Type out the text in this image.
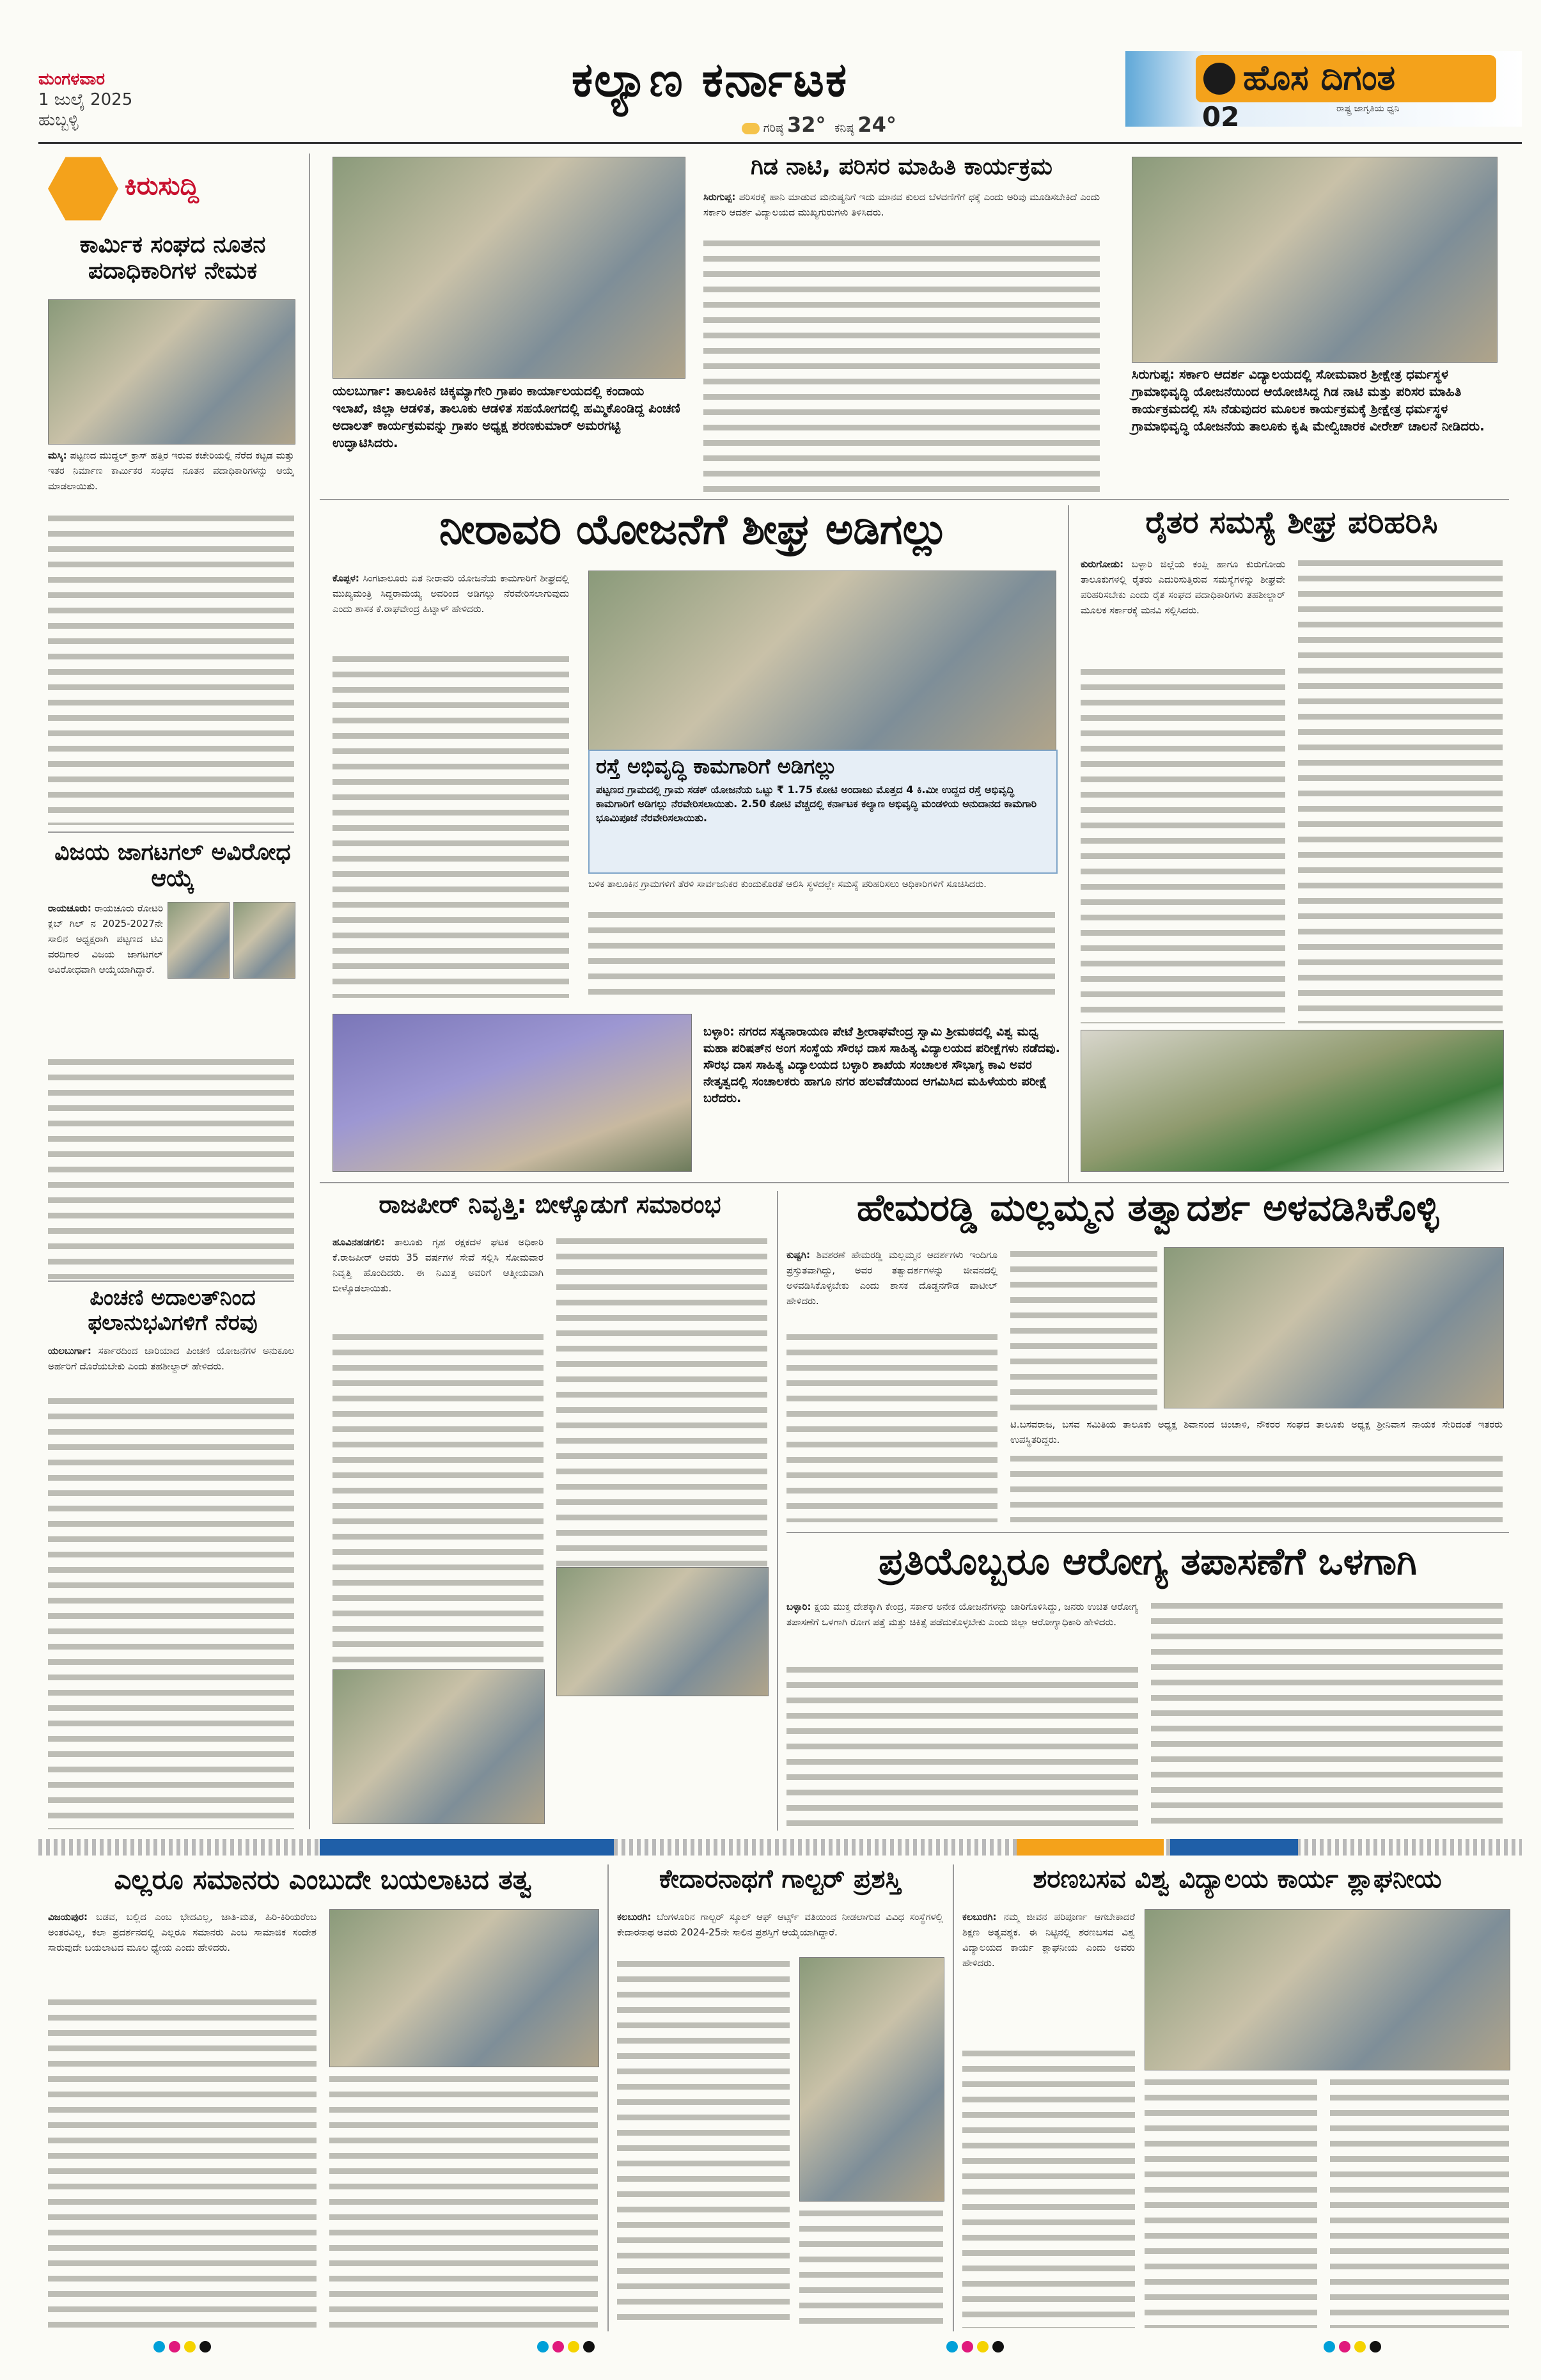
ಮಂಗಳವಾರ
1 ಜುಲೈ 2025
ಹುಬ್ಬಳ್ಳಿ
ಕಲ್ಯಾಣ ಕರ್ನಾಟಕ
ಗರಿಷ್ಠ 32° ಕನಿಷ್ಠ 24°
ಹೊಸ ದಿಗಂತ
ರಾಷ್ಟ್ರ ಜಾಗೃತಿಯ ಧ್ವನಿ
02
ಕಿರುಸುದ್ದಿ
ಕಾರ್ಮಿಕ ಸಂಘದ ನೂತನ ಪದಾಧಿಕಾರಿಗಳ ನೇಮಕ
ಮಸ್ಕಿ: ಪಟ್ಟಣದ ಮುದ್ದಲ್ ಕ್ರಾಸ್ ಹತ್ತಿರ ಇರುವ ಕಚೇರಿಯಲ್ಲಿ ನೆರೆದ ಕಟ್ಟಡ ಮತ್ತು ಇತರ ನಿರ್ಮಾಣ ಕಾರ್ಮಿಕರ ಸಂಘದ ನೂತನ ಪದಾಧಿಕಾರಿಗಳನ್ನು ಆಯ್ಕೆ ಮಾಡಲಾಯಿತು.
ವಿಜಯ ಜಾಗಟಗಲ್ ಅವಿರೋಧ ಆಯ್ಕೆ
ರಾಯಚೂರು: ರಾಯಚೂರು ರೋಟರಿ ಕ್ಲಬ್ ಗಿಲ್ ನ 2025-2027ನೇ ಸಾಲಿನ ಅಧ್ಯಕ್ಷರಾಗಿ ಪಟ್ಟಣದ ಟಿವಿ ವರದಿಗಾರ ವಿಜಯ ಜಾಗಟಗಲ್ ಅವಿರೋಧವಾಗಿ ಆಯ್ಕೆಯಾಗಿದ್ದಾರೆ.
ಪಿಂಚಣಿ ಅದಾಲತ್‌ನಿಂದ ಫಲಾನುಭವಿಗಳಿಗೆ ನೆರವು
ಯಲಬುರ್ಗಾ: ಸರ್ಕಾರದಿಂದ ಜಾರಿಯಾದ ಪಿಂಚಣಿ ಯೋಜನೆಗಳ ಅನುಕೂಲ ಅರ್ಹರಿಗೆ ದೊರೆಯಬೇಕು ಎಂದು ತಹಶೀಲ್ದಾರ್ ಹೇಳಿದರು.
ಯಲಬುರ್ಗಾ: ತಾಲೂಕಿನ ಚಿಕ್ಕಮ್ಯಾಗೇರಿ ಗ್ರಾಪಂ ಕಾರ್ಯಾಲಯದಲ್ಲಿ ಕಂದಾಯ ಇಲಾಖೆ, ಜಿಲ್ಲಾ ಆಡಳಿತ, ತಾಲೂಕು ಆಡಳಿತ ಸಹಯೋಗದಲ್ಲಿ ಹಮ್ಮಿಕೊಂಡಿದ್ದ ಪಿಂಚಣಿ ಅದಾಲತ್ ಕಾರ್ಯಕ್ರಮವನ್ನು ಗ್ರಾಪಂ ಅಧ್ಯಕ್ಷ ಶರಣಕುಮಾರ್ ಅಮರಗಟ್ಟಿ ಉದ್ಘಾಟಿಸಿದರು.
ಗಿಡ ನಾಟಿ, ಪರಿಸರ ಮಾಹಿತಿ ಕಾರ್ಯಕ್ರಮ
ಸಿರುಗುಪ್ಪ: ಪರಿಸರಕ್ಕೆ ಹಾನಿ ಮಾಡುವ ಮನುಷ್ಯನಿಗೆ ಇದು ಮಾನವ ಕುಲದ ಬೆಳವಣಿಗೆಗೆ ಧಕ್ಕೆ ಎಂದು ಅರಿವು ಮೂಡಿಸಬೇಕಿದೆ ಎಂದು ಸರ್ಕಾರಿ ಆದರ್ಶ ವಿದ್ಯಾಲಯದ ಮುಖ್ಯಗುರುಗಳು ತಿಳಿಸಿದರು.
ಸಿರುಗುಪ್ಪ: ಸರ್ಕಾರಿ ಆದರ್ಶ ವಿದ್ಯಾಲಯದಲ್ಲಿ ಸೋಮವಾರ ಶ್ರೀಕ್ಷೇತ್ರ ಧರ್ಮಸ್ಥಳ ಗ್ರಾಮಾಭಿವೃದ್ಧಿ ಯೋಜನೆಯಿಂದ ಆಯೋಜಿಸಿದ್ದ ಗಿಡ ನಾಟಿ ಮತ್ತು ಪರಿಸರ ಮಾಹಿತಿ ಕಾರ್ಯಕ್ರಮದಲ್ಲಿ ಸಸಿ ನೆಡುವುದರ ಮೂಲಕ ಕಾರ್ಯಕ್ರಮಕ್ಕೆ ಶ್ರೀಕ್ಷೇತ್ರ ಧರ್ಮಸ್ಥಳ ಗ್ರಾಮಾಭಿವೃದ್ಧಿ ಯೋಜನೆಯ ತಾಲೂಕು ಕೃಷಿ ಮೇಲ್ವಿಚಾರಕ ವೀರೇಶ್ ಚಾಲನೆ ನೀಡಿದರು.
ನೀರಾವರಿ ಯೋಜನೆಗೆ ಶೀಘ್ರ ಅಡಿಗಲ್ಲು
ಕೊಪ್ಪಳ: ಸಿಂಗಟಾಲೂರು ಏತ ನೀರಾವರಿ ಯೋಜನೆಯ ಕಾಮಗಾರಿಗೆ ಶೀಘ್ರದಲ್ಲಿ ಮುಖ್ಯಮಂತ್ರಿ ಸಿದ್ದರಾಮಯ್ಯ ಅವರಿಂದ ಅಡಿಗಲ್ಲು ನೆರವೇರಿಸಲಾಗುವುದು ಎಂದು ಶಾಸಕ ಕೆ.ರಾಘವೇಂದ್ರ ಹಿಟ್ನಾಳ್ ಹೇಳಿದರು.
ರಸ್ತೆ ಅಭಿವೃದ್ಧಿ ಕಾಮಗಾರಿಗೆ ಅಡಿಗಲ್ಲು
ಪಟ್ಟಣದ ಗ್ರಾಮದಲ್ಲಿ ಗ್ರಾಮ ಸಡಕ್ ಯೋಜನೆಯ ಒಟ್ಟು ₹ 1.75 ಕೋಟಿ ಅಂದಾಜು ಮೊತ್ತದ 4 ಕಿ.ಮೀ ಉದ್ದದ ರಸ್ತೆ ಅಭಿವೃದ್ಧಿ ಕಾಮಗಾರಿಗೆ ಅಡಿಗಲ್ಲು ನೆರವೇರಿಸಲಾಯಿತು. 2.50 ಕೋಟಿ ವೆಚ್ಚದಲ್ಲಿ ಕರ್ನಾಟಕ ಕಲ್ಯಾಣ ಅಭಿವೃದ್ಧಿ ಮಂಡಳಿಯ ಅನುದಾನದ ಕಾಮಗಾರಿ ಭೂಮಿಪೂಜೆ ನೆರವೇರಿಸಲಾಯಿತು.
ಬಳಿಕ ತಾಲೂಕಿನ ಗ್ರಾಮಗಳಿಗೆ ತೆರಳಿ ಸಾರ್ವಜನಿಕರ ಕುಂದುಕೊರತೆ ಆಲಿಸಿ ಸ್ಥಳದಲ್ಲೇ ಸಮಸ್ಯೆ ಪರಿಹರಿಸಲು ಅಧಿಕಾರಿಗಳಿಗೆ ಸೂಚಿಸಿದರು.
ರೈತರ ಸಮಸ್ಯೆ ಶೀಘ್ರ ಪರಿಹರಿಸಿ
ಕುರುಗೋಡು: ಬಳ್ಳಾರಿ ಜಿಲ್ಲೆಯ ಕಂಪ್ಲಿ ಹಾಗೂ ಕುರುಗೋಡು ತಾಲೂಕುಗಳಲ್ಲಿ ರೈತರು ಎದುರಿಸುತ್ತಿರುವ ಸಮಸ್ಯೆಗಳನ್ನು ಶೀಘ್ರವೇ ಪರಿಹರಿಸಬೇಕು ಎಂದು ರೈತ ಸಂಘದ ಪದಾಧಿಕಾರಿಗಳು ತಹಶೀಲ್ದಾರ್ ಮೂಲಕ ಸರ್ಕಾರಕ್ಕೆ ಮನವಿ ಸಲ್ಲಿಸಿದರು.
ಬಳ್ಳಾರಿ: ನಗರದ ಸತ್ಯನಾರಾಯಣ ಪೇಟೆ ಶ್ರೀರಾಘವೇಂದ್ರ ಸ್ವಾಮಿ ಶ್ರೀಮಠದಲ್ಲಿ ವಿಶ್ವ ಮಧ್ವ ಮಹಾ ಪರಿಷತ್‌ನ ಅಂಗ ಸಂಸ್ಥೆಯ ಸೌರಭ ದಾಸ ಸಾಹಿತ್ಯ ವಿದ್ಯಾಲಯದ ಪರೀಕ್ಷೆಗಳು ನಡೆದವು. ಸೌರಭ ದಾಸ ಸಾಹಿತ್ಯ ವಿದ್ಯಾಲಯದ ಬಳ್ಳಾರಿ ಶಾಖೆಯ ಸಂಚಾಲಕ ಸೌಭಾಗ್ಯ ಕಾವಿ ಅವರ ನೇತೃತ್ವದಲ್ಲಿ ಸಂಚಾಲಕರು ಹಾಗೂ ನಗರ ಹಲವೆಡೆಯಿಂದ ಆಗಮಿಸಿದ ಮಹಿಳೆಯರು ಪರೀಕ್ಷೆ ಬರೆದರು.
ರಾಜಪೀರ್ ನಿವೃತ್ತಿ: ಬೀಳ್ಕೊಡುಗೆ ಸಮಾರಂಭ
ಹೂವಿನಹಡಗಲಿ: ತಾಲೂಕು ಗೃಹ ರಕ್ಷಕದಳ ಘಟಕ ಅಧಿಕಾರಿ ಕೆ.ರಾಜಪೀರ್ ಅವರು 35 ವರ್ಷಗಳ ಸೇವೆ ಸಲ್ಲಿಸಿ ಸೋಮವಾರ ನಿವೃತ್ತಿ ಹೊಂದಿದರು. ಈ ನಿಮಿತ್ತ ಅವರಿಗೆ ಆತ್ಮೀಯವಾಗಿ ಬೀಳ್ಕೊಡಲಾಯಿತು.
ಹೇಮರಡ್ಡಿ ಮಲ್ಲಮ್ಮನ ತತ್ವಾದರ್ಶ ಅಳವಡಿಸಿಕೊಳ್ಳಿ
ಕುಷ್ಟಗಿ: ಶಿವಶರಣೆ ಹೇಮರಡ್ಡಿ ಮಲ್ಲಮ್ಮನ ಆದರ್ಶಗಳು ಇಂದಿಗೂ ಪ್ರಸ್ತುತವಾಗಿದ್ದು, ಅವರ ತತ್ವಾದರ್ಶಗಳನ್ನು ಜೀವನದಲ್ಲಿ ಅಳವಡಿಸಿಕೊಳ್ಳಬೇಕು ಎಂದು ಶಾಸಕ ದೊಡ್ಡನಗೌಡ ಪಾಟೀಲ್ ಹೇಳಿದರು.
ಟಿ.ಬಸವರಾಜ, ಬಸವ ಸಮಿತಿಯ ತಾಲೂಕು ಅಧ್ಯಕ್ಷ ಶಿವಾನಂದ ಚಿಂಚಾಳಿ, ನೌಕರರ ಸಂಘದ ತಾಲೂಕು ಅಧ್ಯಕ್ಷ ಶ್ರೀನಿವಾಸ ನಾಯಕ ಸೇರಿದಂತೆ ಇತರರು ಉಪಸ್ಥಿತರಿದ್ದರು.
ಪ್ರತಿಯೊಬ್ಬರೂ ಆರೋಗ್ಯ ತಪಾಸಣೆಗೆ ಒಳಗಾಗಿ
ಬಳ್ಳಾರಿ: ಕ್ಷಯ ಮುಕ್ತ ದೇಶಕ್ಕಾಗಿ ಕೇಂದ್ರ, ಸರ್ಕಾರ ಅನೇಕ ಯೋಜನೆಗಳನ್ನು ಜಾರಿಗೊಳಿಸಿದ್ದು, ಜನರು ಉಚಿತ ಆರೋಗ್ಯ ತಪಾಸಣೆಗೆ ಒಳಗಾಗಿ ರೋಗ ಪತ್ತೆ ಮತ್ತು ಚಿಕಿತ್ಸೆ ಪಡೆದುಕೊಳ್ಳಬೇಕು ಎಂದು ಜಿಲ್ಲಾ ಆರೋಗ್ಯಾಧಿಕಾರಿ ಹೇಳಿದರು.
ಎಲ್ಲರೂ ಸಮಾನರು ಎಂಬುದೇ ಬಯಲಾಟದ ತತ್ವ
ವಿಜಯಪುರ: ಬಡವ, ಬಲ್ಲಿದ ಎಂಬ ಭೇದವಿಲ್ಲ, ಜಾತಿ-ಮತ, ಹಿರಿ-ಕಿರಿಯರೆಂಬ ಅಂತರವಿಲ್ಲ, ಕಲಾ ಪ್ರದರ್ಶನದಲ್ಲಿ ಎಲ್ಲರೂ ಸಮಾನರು ಎಂಬ ಸಾಮಾಜಿಕ ಸಂದೇಶ ಸಾರುವುದೇ ಬಯಲಾಟದ ಮೂಲ ಧ್ಯೇಯ ಎಂದು ಹೇಳಿದರು.
ಕೇದಾರನಾಥಗೆ ಗಾಲ್ಟರ್ ಪ್ರಶಸ್ತಿ
ಕಲಬುರಗಿ: ಬೆಂಗಳೂರಿನ ಗಾಲ್ಟರ್ ಸ್ಕೂಲ್ ಆಫ್ ಆರ್ಟ್ಸ್ ವತಿಯಿಂದ ನೀಡಲಾಗುವ ವಿವಿಧ ಸಂಸ್ಥೆಗಳಲ್ಲಿ ಕೇದಾರನಾಥ ಅವರು 2024-25ನೇ ಸಾಲಿನ ಪ್ರಶಸ್ತಿಗೆ ಆಯ್ಕೆಯಾಗಿದ್ದಾರೆ.
ಶರಣಬಸವ ವಿಶ್ವ ವಿದ್ಯಾಲಯ ಕಾರ್ಯ ಶ್ಲಾಘನೀಯ
ಕಲಬುರಗಿ: ನಮ್ಮ ಜೀವನ ಪರಿಪೂರ್ಣ ಆಗಬೇಕಾದರೆ ಶಿಕ್ಷಣ ಅತ್ಯವಶ್ಯಕ. ಈ ನಿಟ್ಟಿನಲ್ಲಿ ಶರಣಬಸವ ವಿಶ್ವ ವಿದ್ಯಾಲಯದ ಕಾರ್ಯ ಶ್ಲಾಘನೀಯ ಎಂದು ಅವರು ಹೇಳಿದರು.
